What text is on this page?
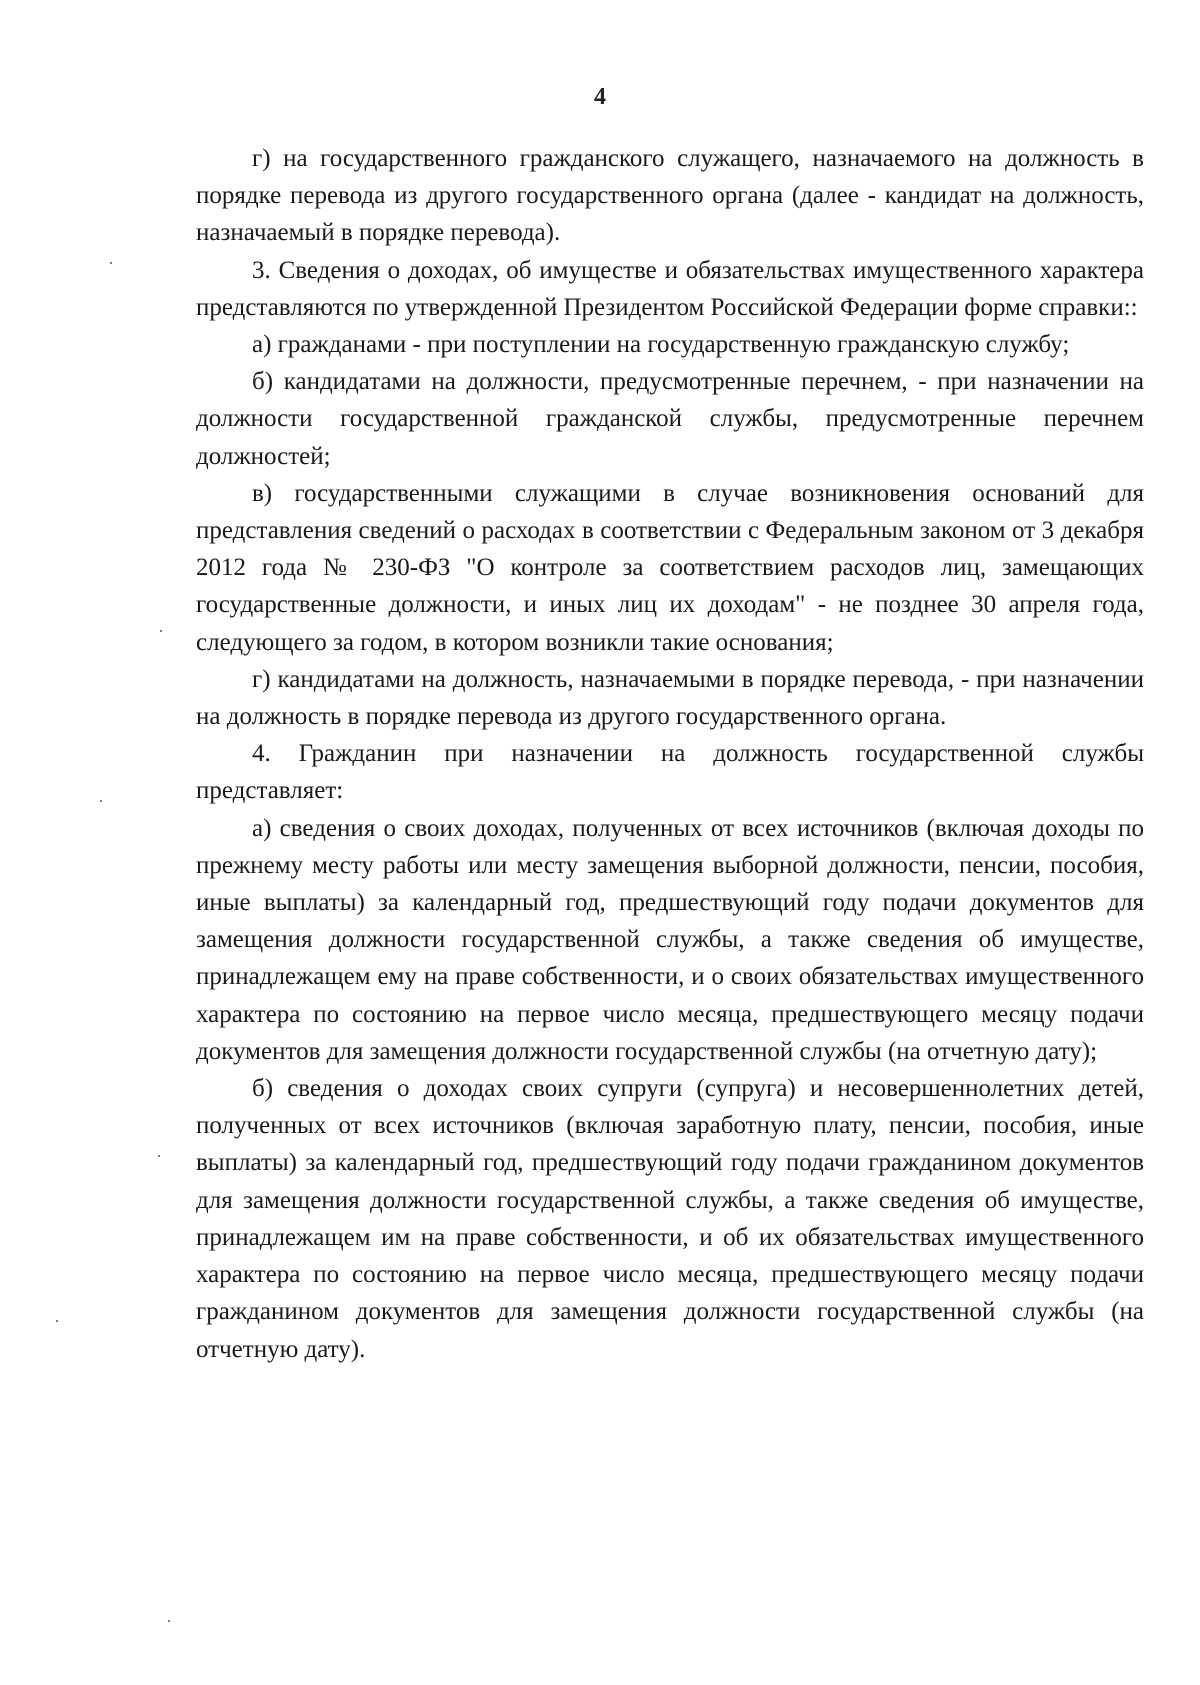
4

г) на государственного гражданского служащего, назначаемого на должность в порядке перевода из другого государственного органа (далее - кандидат на должность, назначаемый в порядке перевода).

3. Сведения о доходах, об имуществе и обязательствах имущественного характера представляются по утвержденной Президентом Российской Федерации форме справки::

а) гражданами - при поступлении на государственную гражданскую службу;

б) кандидатами на должности, предусмотренные перечнем, - при назначении на должности государственной гражданской службы, предусмотренные перечнем должностей;

в) государственными служащими в случае возникновения оснований для представления сведений о расходах в соответствии с Федеральным законом от 3 декабря 2012 года № 230-ФЗ "О контроле за соответствием расходов лиц, замещающих государственные должности, и иных лиц их доходам" - не позднее 30 апреля года, следующего за годом, в котором возникли такие основания;

г) кандидатами на должность, назначаемыми в порядке перевода, - при назначении на должность в порядке перевода из другого государственного органа.

4. Гражданин при назначении на должность государственной службы представляет:

а) сведения о своих доходах, полученных от всех источников (включая доходы по прежнему месту работы или месту замещения выборной должности, пенсии, пособия, иные выплаты) за календарный год, предшествующий году подачи документов для замещения должности государственной службы, а также сведения об имуществе, принадлежащем ему на праве собственности, и о своих обязательствах имущественного характера по состоянию на первое число месяца, предшествующего месяцу подачи документов для замещения должности государственной службы (на отчетную дату);

б) сведения о доходах своих супруги (супруга) и несовершеннолетних детей, полученных от всех источников (включая заработную плату, пенсии, пособия, иные выплаты) за календарный год, предшествующий году подачи гражданином документов для замещения должности государственной службы, а также сведения об имуществе, принадлежащем им на праве собственности, и об их обязательствах имущественного характера по состоянию на первое число месяца, предшествующего месяцу подачи гражданином документов для замещения должности государственной службы (на отчетную дату).
